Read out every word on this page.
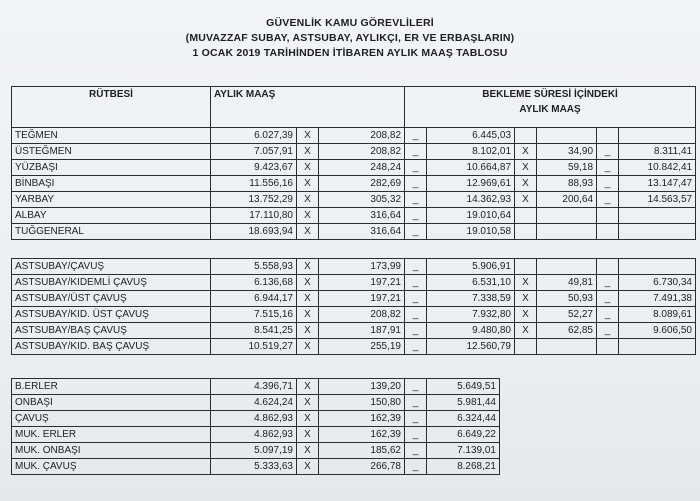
GÜVENLİK KAMU GÖREVLİLERİ
(MUVAZZAF SUBAY, ASTSUBAY, AYLIKÇI, ER VE ERBAŞLARIN)
1 OCAK 2019 TARİHİNDEN İTİBAREN AYLIK MAAŞ TABLOSU
RÜTBESİ	AYLIK MAAŞ			BEKLEME SÜRESİ İÇİNDEKİ
AYLIK MAAŞ					

TEĞMEN	6.027,39	X	208,82	_	6.445,03				
ÜSTEĞMEN	7.057,91	X	208,82	_	8.102,01	X	34,90	_	8.311,41
YÜZBAŞI	9.423,67	X	248,24	_	10.664,87	X	59,18	_	10.842,41
BİNBAŞI	11.556,16	X	282,69	_	12.969,61	X	88,93	_	13.147,47
YARBAY	13.752,29	X	305,32	_	14.362,93	X	200,64	_	14.563,57
ALBAY	17.110,80	X	316,64	_	19.010,64				
TUĞGENERAL	18.693,94	X	316,64	_	19.010,58				
ASTSUBAY/ÇAVUŞ	5.558,93	X	173,99	_	5.906,91				
ASTSUBAY/KIDEMLİ ÇAVUŞ	6.136,68	X	197,21	_	6.531,10	X	49,81	_	6.730,34
ASTSUBAY/ÜST ÇAVUŞ	6.944,17	X	197,21	_	7.338,59	X	50,93	_	7.491,38
ASTSUBAY/KID. ÜST ÇAVUŞ	7.515,16	X	208,82	_	7.932,80	X	52,27	_	8.089,61
ASTSUBAY/BAŞ ÇAVUŞ	8.541,25	X	187,91	_	9.480,80	X	62,85	_	9.606,50
ASTSUBAY/KID. BAŞ ÇAVUŞ	10.519,27	X	255,19	_	12.560,79				
B.ERLER	4.396,71	X	139,20	_	5.649,51
ONBAŞI	4.624,24	X	150,80	_	5.981,44
ÇAVUŞ	4.862,93	X	162,39	_	6.324,44
MUK. ERLER	4.862,93	X	162,39	_	6.649,22
MUK. ONBAŞI	5.097,19	X	185,62	_	7.139,01
MUK. ÇAVUŞ	5.333,63	X	266,78	_	8.268,21
